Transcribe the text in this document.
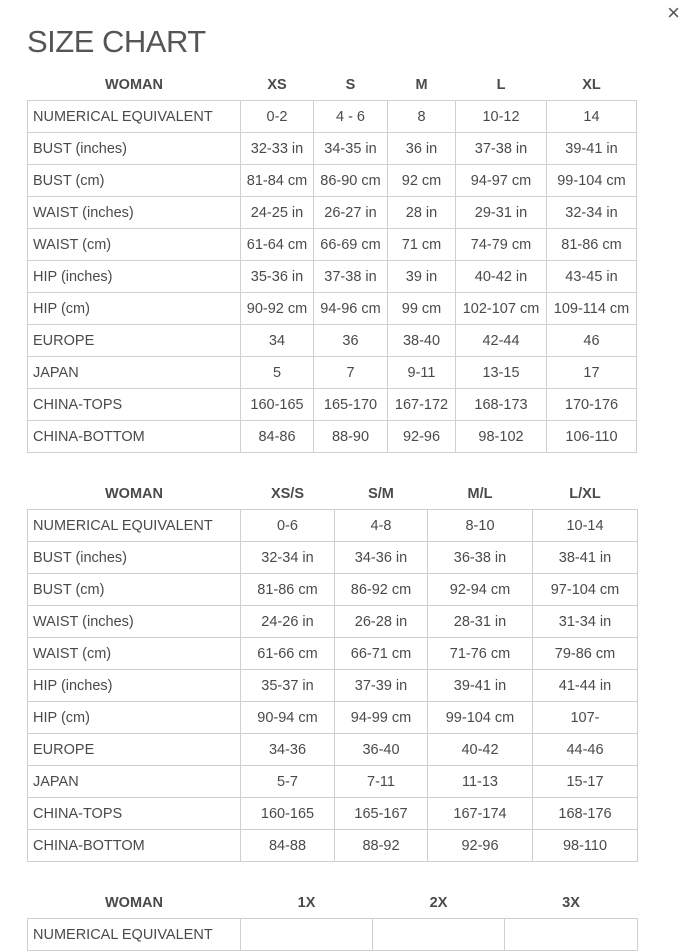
×
SIZE CHART
WOMAN	XS	S	M	L	XL
NUMERICAL EQUIVALENT	0-2	4 - 6	8	10-12	14
BUST (inches)	32-33 in	34-35 in	36 in	37-38 in	39-41 in
BUST (cm)	81-84 cm	86-90 cm	92 cm	94-97 cm	99-104 cm
WAIST (inches)	24-25 in	26-27 in	28 in	29-31 in	32-34 in
WAIST (cm)	61-64 cm	66-69 cm	71 cm	74-79 cm	81-86 cm
HIP (inches)	35-36 in	37-38 in	39 in	40-42 in	43-45 in
HIP (cm)	90-92 cm	94-96 cm	99 cm	102-107 cm	109-114 cm
EUROPE	34	36	38-40	42-44	46
JAPAN	5	7	9-11	13-15	17
CHINA-TOPS	160-165	165-170	167-172	168-173	170-176
CHINA-BOTTOM	84-86	88-90	92-96	98-102	106-110
WOMAN	XS/S	S/M	M/L	L/XL
NUMERICAL EQUIVALENT	0-6	4-8	8-10	10-14
BUST (inches)	32-34 in	34-36 in	36-38 in	38-41 in
BUST (cm)	81-86 cm	86-92 cm	92-94 cm	97-104 cm
WAIST (inches)	24-26 in	26-28 in	28-31 in	31-34 in
WAIST (cm)	61-66 cm	66-71 cm	71-76 cm	79-86 cm
HIP (inches)	35-37 in	37-39 in	39-41 in	41-44 in
HIP (cm)	90-94 cm	94-99 cm	99-104 cm	107-
EUROPE	34-36	36-40	40-42	44-46
JAPAN	5-7	7-11	11-13	15-17
CHINA-TOPS	160-165	165-167	167-174	168-176
CHINA-BOTTOM	84-88	88-92	92-96	98-110
WOMAN	1X	2X	3X
NUMERICAL EQUIVALENT			
